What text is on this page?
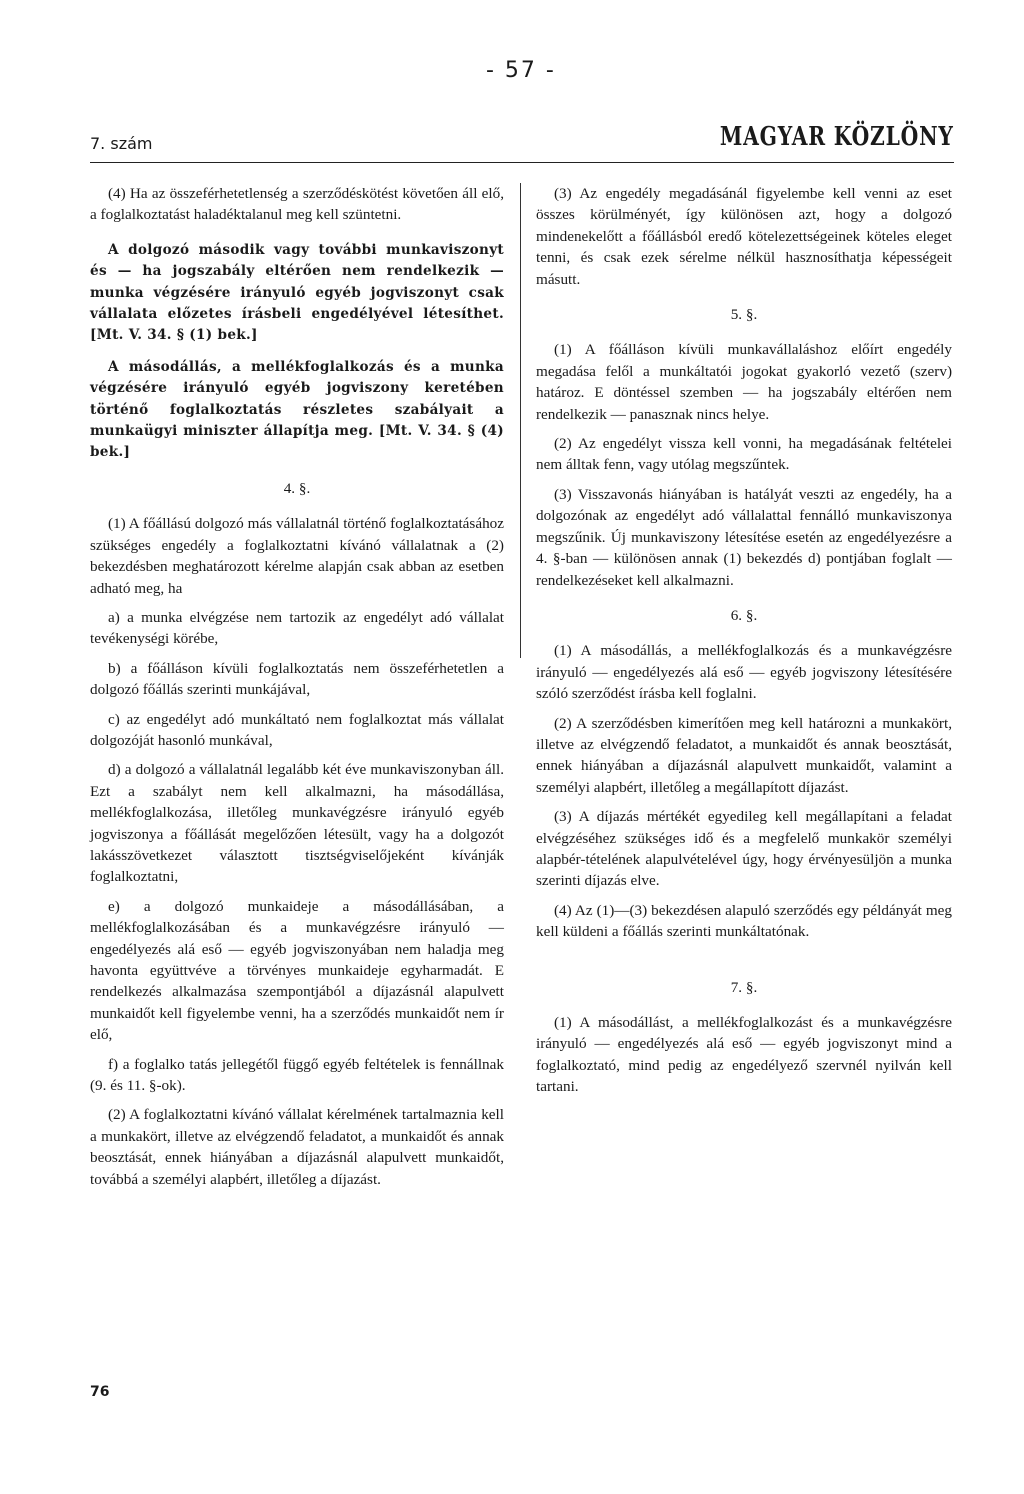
- 57 -
7. szám	MAGYAR KÖZLÖNY

(4) Ha az összeférhetetlenség a szerződéskötést követően áll elő, a foglalkoztatást haladéktalanul meg kell szüntetni.

A dolgozó második vagy további munkaviszonyt és — ha jogszabály eltérően nem rendelkezik — munka végzésére irányuló egyéb jogviszonyt csak vállalata előzetes írásbeli engedélyével létesíthet. [Mt. V. 34. § (1) bek.]

A másodállás, a mellékfoglalkozás és a munka végzésére irányuló egyéb jogviszony keretében történő foglalkoztatás részletes szabályait a munkaügyi miniszter állapítja meg. [Mt. V. 34. § (4) bek.]

4. §.

(1) A főállású dolgozó más vállalatnál történő foglalkoztatásához szükséges engedély a foglalkoztatni kívánó vállalatnak a (2) bekezdésben meghatározott kérelme alapján csak abban az esetben adható meg, ha

a) a munka elvégzése nem tartozik az engedélyt adó vállalat tevékenységi körébe,

b) a főálláson kívüli foglalkoztatás nem összeférhetetlen a dolgozó főállás szerinti munkájával,

c) az engedélyt adó munkáltató nem foglalkoztat más vállalat dolgozóját hasonló munkával,

d) a dolgozó a vállalatnál legalább két éve munkaviszonyban áll. Ezt a szabályt nem kell alkalmazni, ha másodállása, mellékfoglalkozása, illetőleg munkavégzésre irányuló egyéb jogviszonya a főállását megelőzően létesült, vagy ha a dolgozót lakásszövetkezet választott tisztségviselőjeként kívánják foglalkoztatni,

e) a dolgozó munkaideje a másodállásában, a mellékfoglalkozásában és a munkavégzésre irányuló — engedélyezés alá eső — egyéb jogviszonyában nem haladja meg havonta együttvéve a törvényes munkaideje egyharmadát. E rendelkezés alkalmazása szempontjából a díjazásnál alapulvett munkaidőt kell figyelembe venni, ha a szerződés munkaidőt nem ír elő,

f) a foglalko tatás jellegétől függő egyéb feltételek is fennállnak (9. és 11. §-ok).

(2) A foglalkoztatni kívánó vállalat kérelmének tartalmaznia kell a munkakört, illetve az elvégzendő feladatot, a munkaidőt és annak beosztását, ennek hiányában a díjazásnál alapulvett munkaidőt, továbbá a személyi alapbért, illetőleg a díjazást.

(3) Az engedély megadásánál figyelembe kell venni az eset összes körülményét, így különösen azt, hogy a dolgozó mindenekelőtt a főállásból eredő kötelezettségeinek köteles eleget tenni, és csak ezek sérelme nélkül hasznosíthatja képességeit másutt.

5. §.

(1) A főálláson kívüli munkavállaláshoz előírt engedély megadása felől a munkáltatói jogokat gyakorló vezető (szerv) határoz. E döntéssel szemben — ha jogszabály eltérően nem rendelkezik — panasznak nincs helye.

(2) Az engedélyt vissza kell vonni, ha megadásának feltételei nem álltak fenn, vagy utólag megszűntek.

(3) Visszavonás hiányában is hatályát veszti az engedély, ha a dolgozónak az engedélyt adó vállalattal fennálló munkaviszonya megszűnik. Új munkaviszony létesítése esetén az engedélyezésre a 4. §-ban — különösen annak (1) bekezdés d) pontjában foglalt — rendelkezéseket kell alkalmazni.

6. §.

(1) A másodállás, a mellékfoglalkozás és a munkavégzésre irányuló — engedélyezés alá eső — egyéb jogviszony létesítésére szóló szerződést írásba kell foglalni.

(2) A szerződésben kimerítően meg kell határozni a munkakört, illetve az elvégzendő feladatot, a munkaidőt és annak beosztását, ennek hiányában a díjazásnál alapulvett munkaidőt, valamint a személyi alapbért, illetőleg a megállapított díjazást.

(3) A díjazás mértékét egyedileg kell megállapítani a feladat elvégzéséhez szükséges idő és a megfelelő munkakör személyi alapbér-tételének alapulvételével úgy, hogy érvényesüljön a munka szerinti díjazás elve.

(4) Az (1)—(3) bekezdésen alapuló szerződés egy példányát meg kell küldeni a főállás szerinti munkáltatónak.

7. §.

(1) A másodállást, a mellékfoglalkozást és a munkavégzésre irányuló — engedélyezés alá eső — egyéb jogviszonyt mind a foglalkoztató, mind pedig az engedélyező szervnél nyilván kell tartani.

76
